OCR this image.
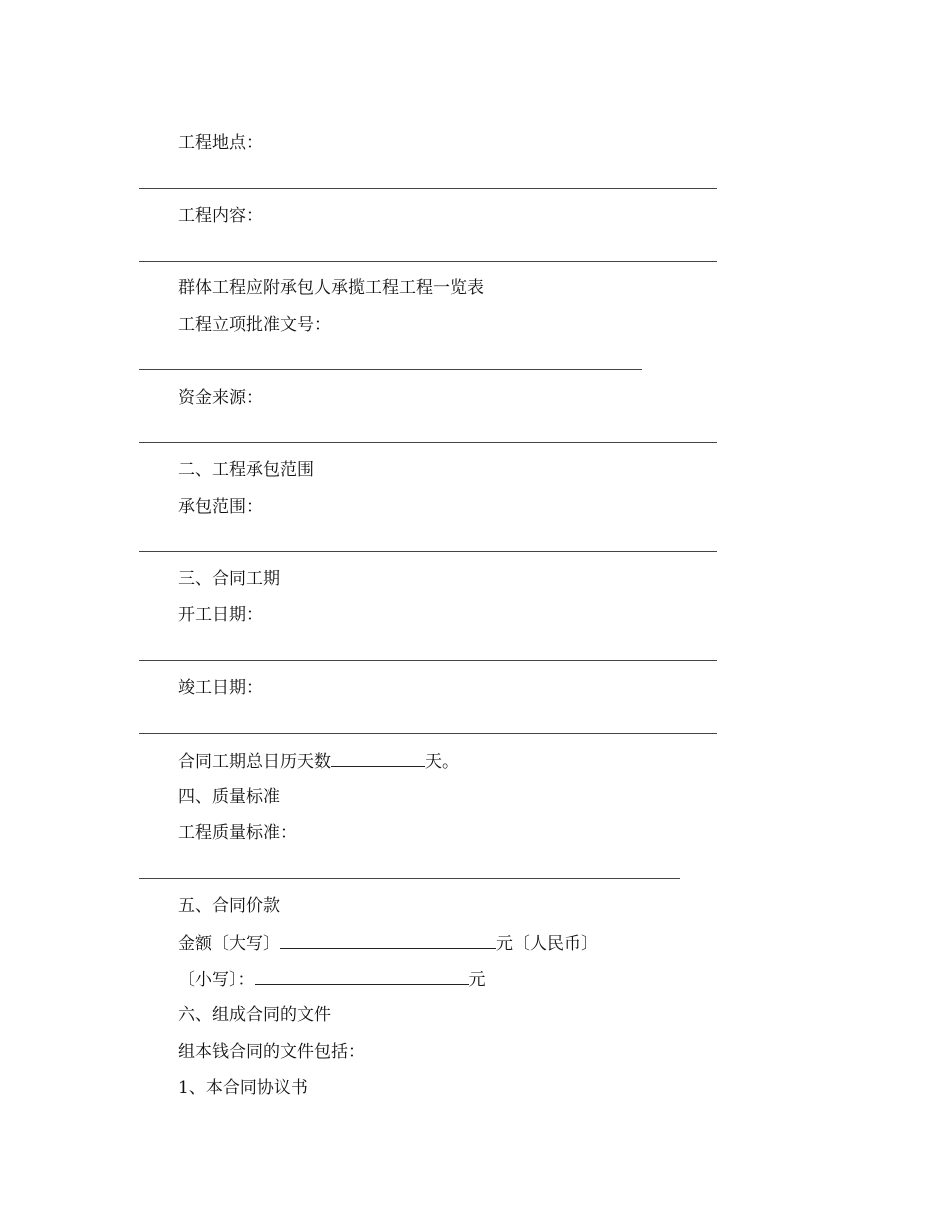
工程地点：
工程内容：
群体工程应附承包人承揽工程工程一览表
工程立项批准文号：
资金来源：
二、工程承包范围
承包范围：
三、合同工期
开工日期：
竣工日期：
合同工期总日历天数	天。
四、质量标准
工程质量标准：
五、合同价款
金额〔大写〕	元〔人民币〕
〔小写〕：	元
六、组成合同的文件
组本钱合同的文件包括：
1、本合同协议书
